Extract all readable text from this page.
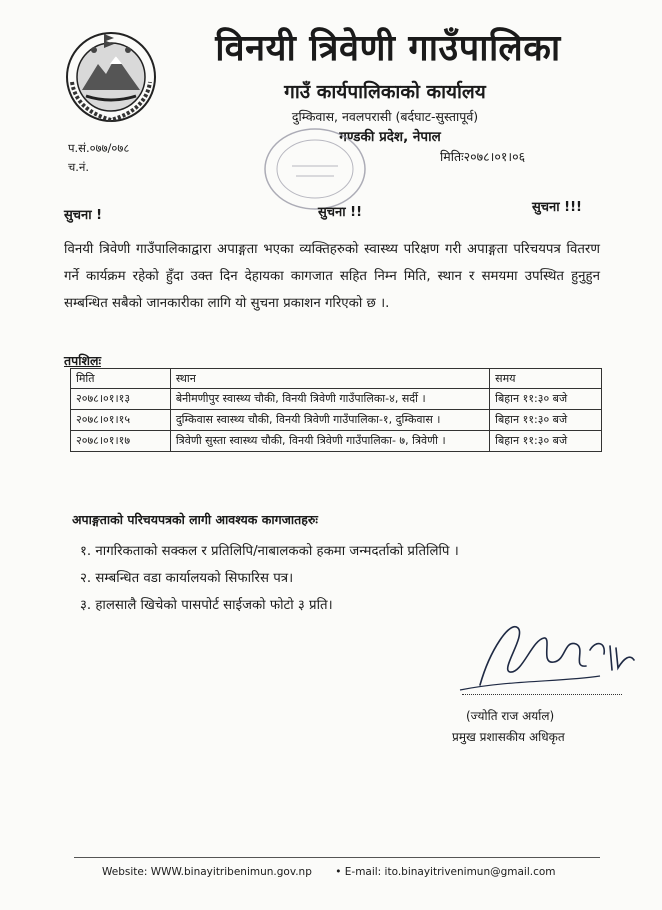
विनयी त्रिवेणी गाउँपालिका
गाउँ कार्यपालिकाको कार्यालय
दुम्किवास, नवलपरासी (बर्दघाट-सुस्तापूर्व)
गण्डकी प्रदेश, नेपाल
प.सं.०७७/०७८
च.नं.
मितिः२०७८।०१।०६
सुचना !	सुचना !!	सुचना !!!
विनयी त्रिवेणी गाउँपालिकाद्वारा अपाङ्गता भएका व्यक्तिहरुको स्वास्थ्य परिक्षण गरी अपाङ्गता परिचयपत्र वितरण गर्ने कार्यक्रम रहेको हुँदा उक्त दिन देहायका कागजात सहित निम्न मिति, स्थान र समयमा उपस्थित हुनुहुन सम्बन्धित सबैको जानकारीका लागि यो सुचना प्रकाशन गरिएको छ ।.
तपशिलः
मिति	स्थान	समय
२०७८।०१।१३	बेनीमणीपुर स्वास्थ्य चौकी, विनयी त्रिवेणी गाउँपालिका-४, सर्दी ।	बिहान ११:३० बजे
२०७८।०१।१५	दुम्किवास स्वास्थ्य चौकी, विनयी त्रिवेणी गाउँपालिका-१, दुम्किवास ।	बिहान ११:३० बजे
२०७८।०१।१७	त्रिवेणी सुस्ता स्वास्थ्य चौकी, विनयी त्रिवेणी गाउँपालिका- ७, त्रिवेणी ।	बिहान ११:३० बजे
अपाङ्गताको परिचयपत्रको लागी आवश्यक कागजातहरुः
१. नागरिकताको सक्कल र प्रतिलिपि/नाबालकको हकमा जन्मदर्ताको प्रतिलिपि ।
२. सम्बन्धित वडा कार्यालयको सिफारिस पत्र।
३. हालसालै खिचेको पासपोर्ट साईजको फोटो ३ प्रति।
(ज्योति राज अर्याल)
प्रमुख प्रशासकीय अधिकृत
Website: WWW.binayitribenimun.gov.np • E-mail: ito.binayitrivenimun@gmail.com
